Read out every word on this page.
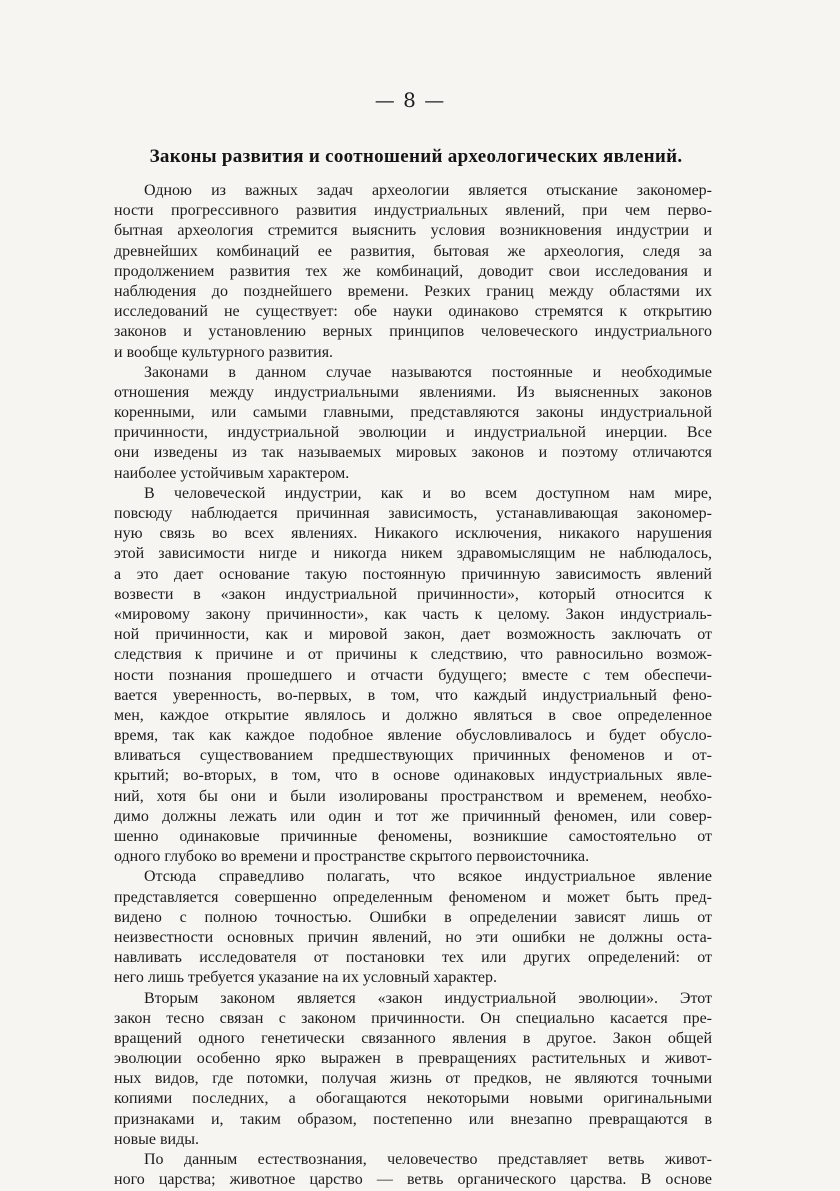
— 8 —
Законы развития и соотношений археологических явлений.

Одною из важных задач археологии является отыскание закономер-
ности прогрессивного развития индустриальных явлений, при чем перво-
бытная археология стремится выяснить условия возникновения индустрии и
древнейших комбинаций ее развития, бытовая же археология, следя за
продолжением развития тех же комбинаций, доводит свои исследования и
наблюдения до позднейшего времени. Резких границ между областями их
исследований не существует: обе науки одинаково стремятся к открытию
законов и установлению верных принципов человеческого индустриального
и вообще культурного развития.

Законами в данном случае называются постоянные и необходимые
отношения между индустриальными явлениями. Из выясненных законов
коренными, или самыми главными, представляются законы индустриальной
причинности, индустриальной эволюции и индустриальной инерции. Все
они изведены из так называемых мировых законов и поэтому отличаются
наиболее устойчивым характером.

В человеческой индустрии, как и во всем доступном нам мире,
повсюду наблюдается причинная зависимость, устанавливающая закономер-
ную связь во всех явлениях. Никакого исключения, никакого нарушения
этой зависимости нигде и никогда никем здравомыслящим не наблюдалось,
а это дает основание такую постоянную причинную зависимость явлений
возвести в «закон индустриальной причинности», который относится к
«мировому закону причинности», как часть к целому. Закон индустриаль-
ной причинности, как и мировой закон, дает возможность заключать от
следствия к причине и от причины к следствию, что равносильно возмож-
ности познания прошедшего и отчасти будущего; вместе с тем обеспечи-
вается уверенность, во-первых, в том, что каждый индустриальный фено-
мен, каждое открытие являлось и должно являться в свое определенное
время, так как каждое подобное явление обусловливалось и будет обусло-
вливаться существованием предшествующих причинных феноменов и от-
крытий; во-вторых, в том, что в основе одинаковых индустриальных явле-
ний, хотя бы они и были изолированы пространством и временем, необхо-
димо должны лежать или один и тот же причинный феномен, или совер-
шенно одинаковые причинные феномены, возникшие самостоятельно от
одного глубоко во времени и пространстве скрытого первоисточника.

Отсюда справедливо полагать, что всякое индустриальное явление
представляется совершенно определенным феноменом и может быть пред-
видено с полною точностью. Ошибки в определении зависят лишь от
неизвестности основных причин явлений, но эти ошибки не должны оста-
навливать исследователя от постановки тех или других определений: от
него лишь требуется указание на их условный характер.

Вторым законом является «закон индустриальной эволюции». Этот
закон тесно связан с законом причинности. Он специально касается пре-
вращений одного генетически связанного явления в другое. Закон общей
эволюции особенно ярко выражен в превращениях растительных и живот-
ных видов, где потомки, получая жизнь от предков, не являются точными
копиями последних, а обогащаются некоторыми новыми оригинальными
признаками и, таким образом, постепенно или внезапно превращаются в
новые виды.

По данным естествознания, человечество представляет ветвь живот-
ного царства; животное царство — ветвь органического царства. В основе
